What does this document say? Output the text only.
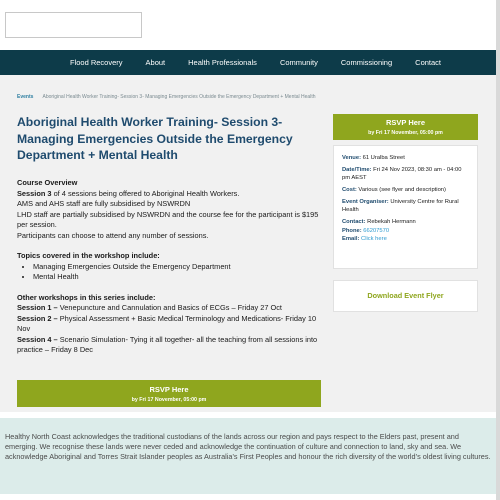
Flood Recovery	About	Health Professionals	Community	Commissioning	Contact
Events Aboriginal Health Worker Training- Session 3- Managing Emergencies Outside the Emergency Department + Mental Health
Aboriginal Health Worker Training- Session 3- Managing Emergencies Outside the Emergency Department + Mental Health

Course Overview

Session 3 of 4 sessions being offered to Aboriginal Health Workers.

AMS and AHS staff are fully subsidised by NSWRDN

LHD staff are partially subsidised by NSWRDN and the course fee for the participant is $195 per session.

Participants can choose to attend any number of sessions.

Topics covered in the workshop include:

• Managing Emergencies Outside the Emergency Department
• Mental Health

Other workshops in this series include:

Session 1 – Venepuncture and Cannulation and Basics of ECGs – Friday 27 Oct

Session 2 – Physical Assessment + Basic Medical Terminology and Medications- Friday 10 Nov

Session 4 – Scenario Simulation- Tying it all together- all the teaching from all sessions into practice – Friday 8 Dec

RSVP Here
by Fri 17 November, 05:00 pm
Venue: 61 Uralba Street
Date/Time: Fri 24 Nov 2023, 08:30 am - 04:00 pm AEST
Cost: Various (see flyer and description)
Event Organiser: University Centre for Rural Health
Contact: Rebekah Hermann
Phone: 66207570
Email: Click here
Download Event Flyer
RSVP Here
by Fri 17 November, 05:00 pm
Healthy North Coast acknowledges the traditional custodians of the lands across our region and pays respect to the Elders past, present and emerging. We recognise these lands were never ceded and acknowledge the continuation of culture and connection to land, sky and sea. We acknowledge Aboriginal and Torres Strait Islander peoples as Australia’s First Peoples and honour the rich diversity of the world’s oldest living cultures.
